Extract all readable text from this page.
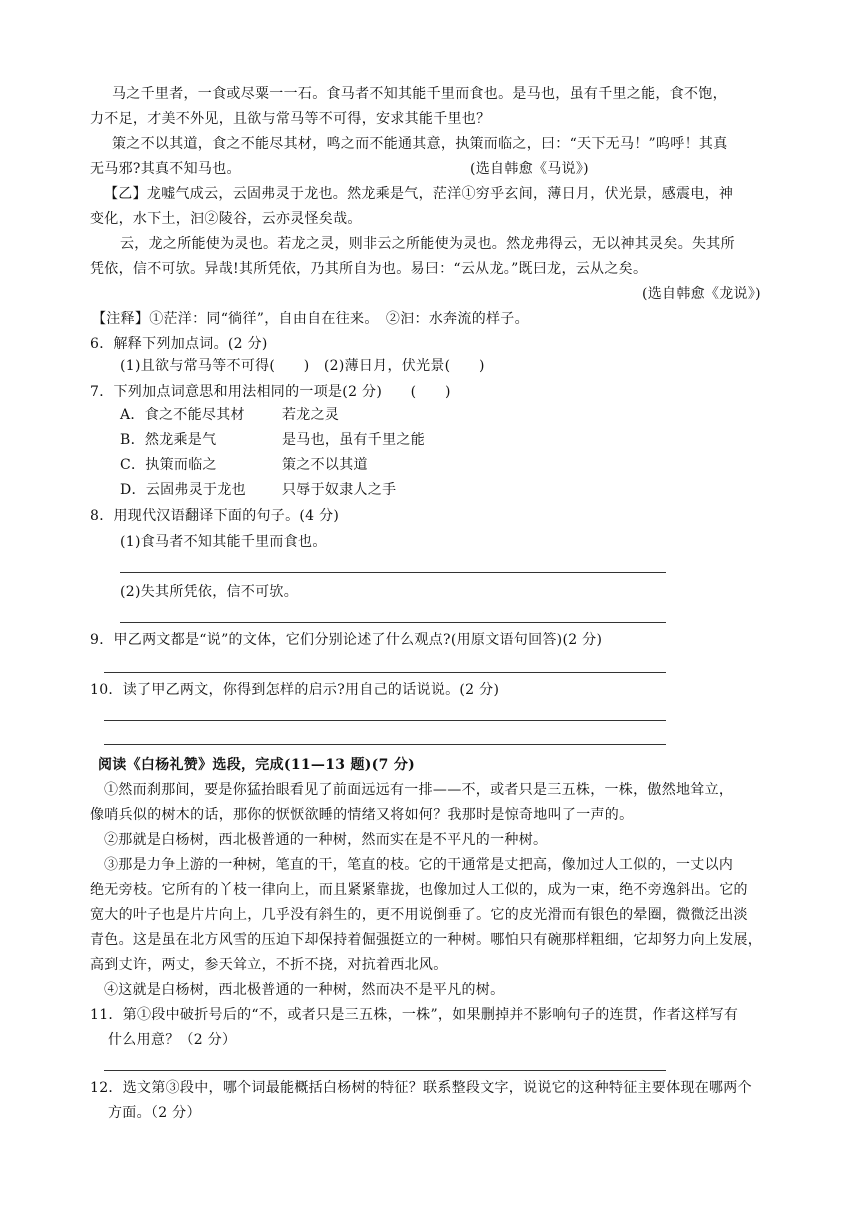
马之千里者，一食或尽粟一一石。食马者不知其能千里而食也。是马也，虽有千里之能，食不饱，
力不足，才美不外见，且欲与常马等不可得，安求其能千里也？
策之不以其道，食之不能尽其材，鸣之而不能通其意，执策而临之，曰：“天下无马！”呜呼！其真
无马邪?其真不知马也。	(选自韩愈《马说》)
【乙】龙嘘气成云，云固弗灵于龙也。然龙乘是气，茫洋①穷乎玄间，薄日月，伏光景，感震电，神
变化，水下土，汩②陵谷，云亦灵怪矣哉。
云，龙之所能使为灵也。若龙之灵，则非云之所能使为灵也。然龙弗得云，无以神其灵矣。失其所
凭依，信不可欤。异哉!其所凭依，乃其所自为也。易曰：“云从龙。”既曰龙，云从之矣。
(选自韩愈《龙说》)
【注释】①茫洋：同“徜徉”，自由自在往来。　②汩：水奔流的样子。
6．解释下列加点词。(2 分)
(1)且欲与常马等不可得(　　)　(2)薄日月，伏光景(　　)
7．下列加点词意思和用法相同的一项是(2 分)　　(　　)
A．食之不能尽其材	若龙之灵
B．然龙乘是气	是马也，虽有千里之能
C．执策而临之	策之不以其道
D．云固弗灵于龙也	只辱于奴隶人之手
8．用现代汉语翻译下面的句子。(4 分)
(1)食马者不知其能千里而食也。
(2)失其所凭依，信不可欤。
9．甲乙两文都是“说”的文体，它们分别论述了什么观点?(用原文语句回答)(2 分)
10．读了甲乙两文，你得到怎样的启示?用自己的话说说。(2 分)
阅读《白杨礼赞》选段，完成(11—13 题)(7 分)
①然而刹那间，要是你猛抬眼看见了前面远远有一排——不，或者只是三五株，一株，傲然地耸立，
像哨兵似的树木的话，那你的恹恹欲睡的情绪又将如何？我那时是惊奇地叫了一声的。
②那就是白杨树，西北极普通的一种树，然而实在是不平凡的一种树。
③那是力争上游的一种树，笔直的干，笔直的枝。它的干通常是丈把高，像加过人工似的，一丈以内
绝无旁枝。它所有的丫枝一律向上，而且紧紧靠拢，也像加过人工似的，成为一束，绝不旁逸斜出。它的
宽大的叶子也是片片向上，几乎没有斜生的，更不用说倒垂了。它的皮光滑而有银色的晕圈，微微泛出淡
青色。这是虽在北方风雪的压迫下却保持着倔强挺立的一种树。哪怕只有碗那样粗细，它却努力向上发展，
高到丈许，两丈，参天耸立，不折不挠，对抗着西北风。
④这就是白杨树，西北极普通的一种树，然而决不是平凡的树。
11．第①段中破折号后的“不，或者只是三五株，一株”，如果删掉并不影响句子的连贯，作者这样写有
什么用意？（2 分）
12．选文第③段中，哪个词最能概括白杨树的特征？联系整段文字，说说它的这种特征主要体现在哪两个
方面。（2 分）
